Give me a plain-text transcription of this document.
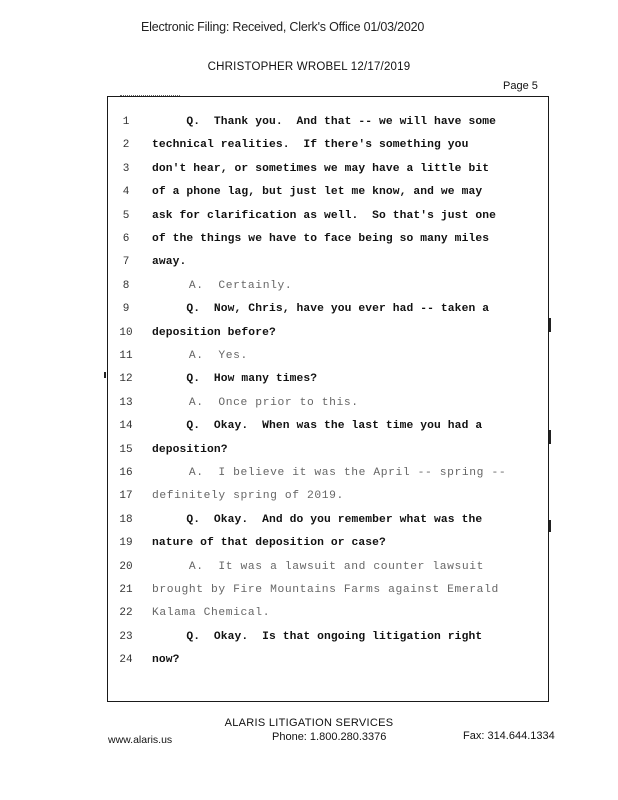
Electronic Filing: Received, Clerk's Office 01/03/2020
CHRISTOPHER WROBEL 12/17/2019
Page 5
1	Q.  Thank you.  And that -- we will have some
2	technical realities.  If there's something you
3	don't hear, or sometimes we may have a little bit
4	of a phone lag, but just let me know, and we may
5	ask for clarification as well.  So that's just one
6	of the things we have to face being so many miles
7	away.
8	A.  Certainly.
9	Q.  Now, Chris, have you ever had -- taken a
10 deposition before?
11 A.  Yes.
12 Q.  How many times?
13 A.  Once prior to this.
14 Q.  Okay.  When was the last time you had a
15 deposition?
16 A.  I believe it was the April -- spring --
17 definitely spring of 2019.
18 Q.  Okay.  And do you remember what was the
19 nature of that deposition or case?
20 A.  It was a lawsuit and counter lawsuit
21 brought by Fire Mountains Farms against Emerald
22 Kalama Chemical.
23 Q.  Okay.  Is that ongoing litigation right
24 now?
ALARIS LITIGATION SERVICES
Phone: 1.800.280.3376
www.alaris.us	Fax: 314.644.1334
